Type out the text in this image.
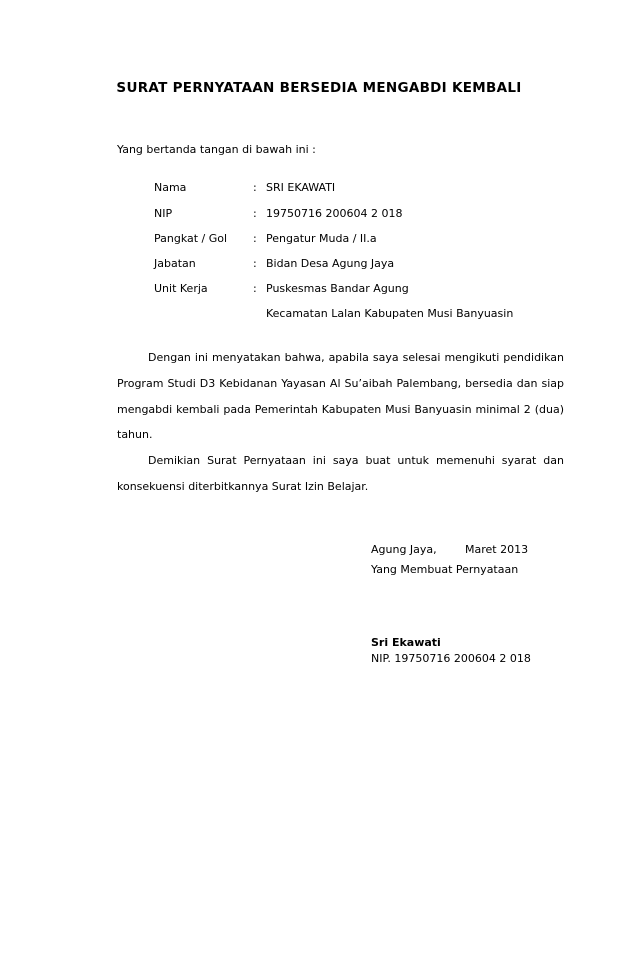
SURAT PERNYATAAN BERSEDIA MENGABDI KEMBALI
Yang bertanda tangan di bawah ini :
Nama	: SRI EKAWATI
NIP	: 19750716 200604 2 018
Pangkat / Gol : Pengatur Muda / II.a
Jabatan	: Bidan Desa Agung Jaya
Unit Kerja	: Puskesmas Bandar Agung
Kecamatan Lalan Kabupaten Musi Banyuasin
Dengan ini menyatakan bahwa, apabila saya selesai mengikuti pendidikan
Program Studi D3 Kebidanan Yayasan Al Su’aibah Palembang, bersedia dan siap
mengabdi kembali pada Pemerintah Kabupaten Musi Banyuasin minimal 2 (dua)
tahun.
Demikian Surat Pernyataan ini saya buat untuk memenuhi syarat dan
konsekuensi diterbitkannya Surat Izin Belajar.
Agung Jaya,	Maret 2013
Yang Membuat Pernyataan
Sri Ekawati
NIP. 19750716 200604 2 018
